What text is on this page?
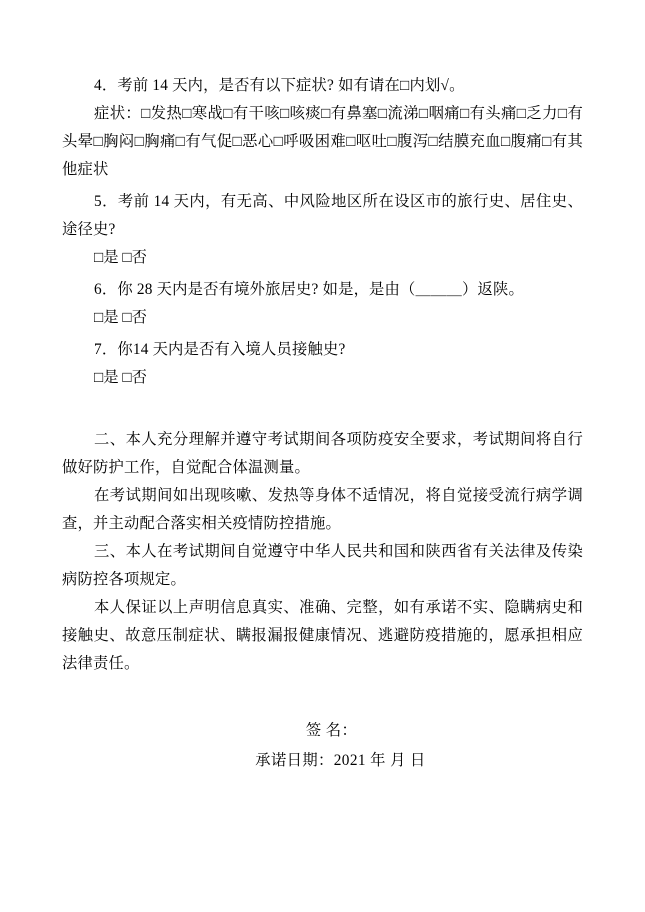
4．考前 14 天内，是否有以下症状? 如有请在□内划√。

症状：□发热□寒战□有干咳□咳痰□有鼻塞□流涕□咽痛□有头痛□乏力□有头晕□胸闷□胸痛□有气促□恶心□呼吸困难□呕吐□腹泻□结膜充血□腹痛□有其他症状

5．考前 14 天内，有无高、中风险地区所在设区市的旅行史、居住史、途径史?

□是 □否

6．你 28 天内是否有境外旅居史? 如是，是由（＿＿＿）返陕。

□是 □否

7．你14 天内是否有入境人员接触史?

□是 □否

二、本人充分理解并遵守考试期间各项防疫安全要求，考试期间将自行做好防护工作，自觉配合体温测量。

在考试期间如出现咳嗽、发热等身体不适情况，将自觉接受流行病学调查，并主动配合落实相关疫情防控措施。

三、本人在考试期间自觉遵守中华人民共和国和陕西省有关法律及传染病防控各项规定。

本人保证以上声明信息真实、准确、完整，如有承诺不实、隐瞒病史和接触史、故意压制症状、瞒报漏报健康情况、逃避防疫措施的，愿承担相应法律责任。

签 名：
承诺日期：2021 年 月 日
